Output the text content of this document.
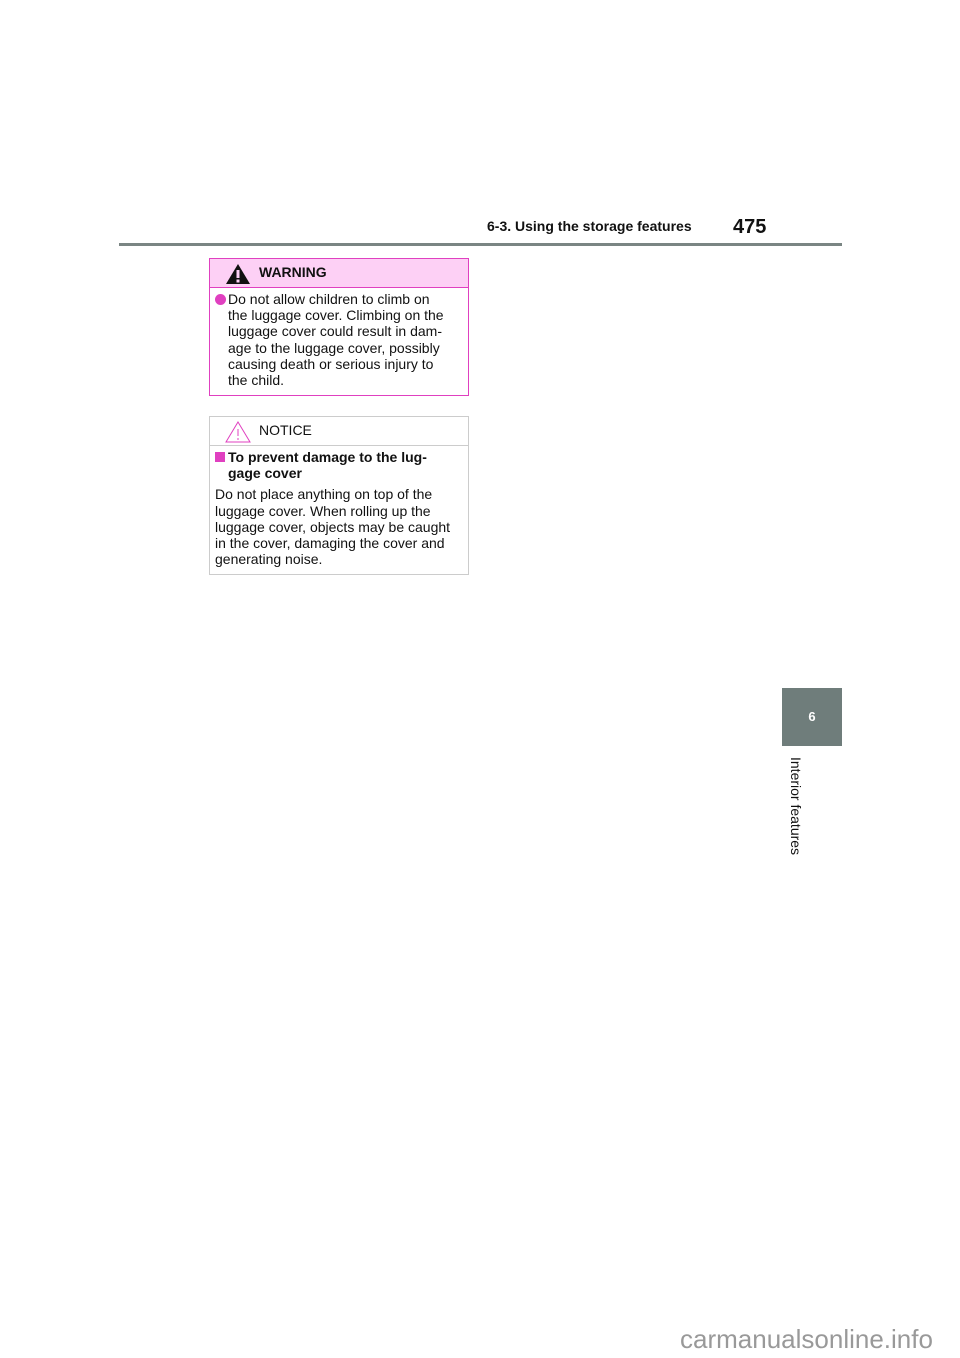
6-3. Using the storage features 475
WARNING
Do not allow children to climb on
the luggage cover. Climbing on the
luggage cover could result in dam-
age to the luggage cover, possibly
causing death or serious injury to
the child.
NOTICE
To prevent damage to the lug-
gage cover
Do not place anything on top of the
luggage cover. When rolling up the
luggage cover, objects may be caught
in the cover, damaging the cover and
generating noise.
6
Interior features
carmanualsonline.info
